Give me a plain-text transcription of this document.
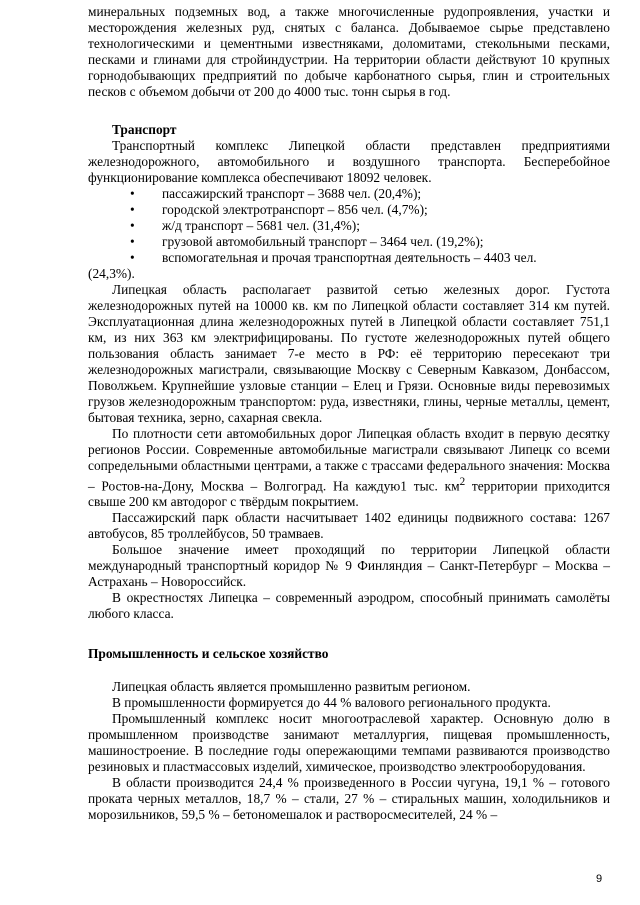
минеральных подземных вод, а также многочисленные рудопроявления, участки и месторождения железных руд, снятых с баланса. Добываемое сырье представлено технологическими и цементными известняками, доломитами, стекольными песками, песками и глинами для стройиндустрии. На территории области действуют 10 крупных горнодобывающих предприятий по добыче карбонатного сырья, глин и строительных песков с объемом добычи от 200 до 4000 тыс. тонн сырья в год.

Транспорт

Транспортный комплекс Липецкой области представлен предприятиями железнодорожного, автомобильного и воздушного транспорта. Бесперебойное функционирование комплекса обеспечивают 18092 человек.

• пассажирский транспорт – 3688 чел. (20,4%);
• городской электротранспорт – 856 чел. (4,7%);
• ж/д транспорт – 5681 чел. (31,4%);
• грузовой автомобильный транспорт – 3464 чел. (19,2%);
• вспомогательная и прочая транспортная деятельность – 4403 чел.

(24,3%).

Липецкая область располагает развитой сетью железных дорог. Густота железнодорожных путей на 10000 кв. км по Липецкой области составляет 314 км путей. Эксплуатационная длина железнодорожных путей в Липецкой области составляет 751,1 км, из них 363 км электрифицированы. По густоте железнодорожных путей общего пользования область занимает 7-е место в РФ: её территорию пересекают три железнодорожных магистрали, связывающие Москву с Северным Кавказом, Донбассом, Поволжьем. Крупнейшие узловые станции – Елец и Грязи. Основные виды перевозимых грузов железнодорожным транспортом: руда, известняки, глины, черные металлы, цемент, бытовая техника, зерно, сахарная свекла.

По плотности сети автомобильных дорог Липецкая область входит в первую десятку регионов России. Современные автомобильные магистрали связывают Липецк со всеми сопредельными областными центрами, а также с трассами федерального значения: Москва – Ростов-на-Дону, Москва – Волгоград. На каждую1 тыс. $км^2$ территории приходится свыше 200 км автодорог с твёрдым покрытием.

Пассажирский парк области насчитывает 1402 единицы подвижного состава: 1267 автобусов, 85 троллейбусов, 50 трамваев.

Большое значение имеет проходящий по территории Липецкой области международный транспортный коридор № 9 Финляндия – Санкт-Петербург – Москва – Астрахань – Новороссийск.

В окрестностях Липецка – современный аэродром, способный принимать самолёты любого класса.

Промышленность и сельское хозяйство

Липецкая область является промышленно развитым регионом.

В промышленности формируется до 44 % валового регионального продукта.

Промышленный комплекс носит многоотраслевой характер. Основную долю в промышленном производстве занимают металлургия, пищевая промышленность, машиностроение. В последние годы опережающими темпами развиваются производство резиновых и пластмассовых изделий, химическое, производство электрооборудования.

В области производится 24,4 % произведенного в России чугуна, 19,1 % – готового проката черных металлов, 18,7 % – стали, 27 % – стиральных машин, холодильников и морозильников, 59,5 % – бетономешалок и растворосмесителей, 24 % –

9
